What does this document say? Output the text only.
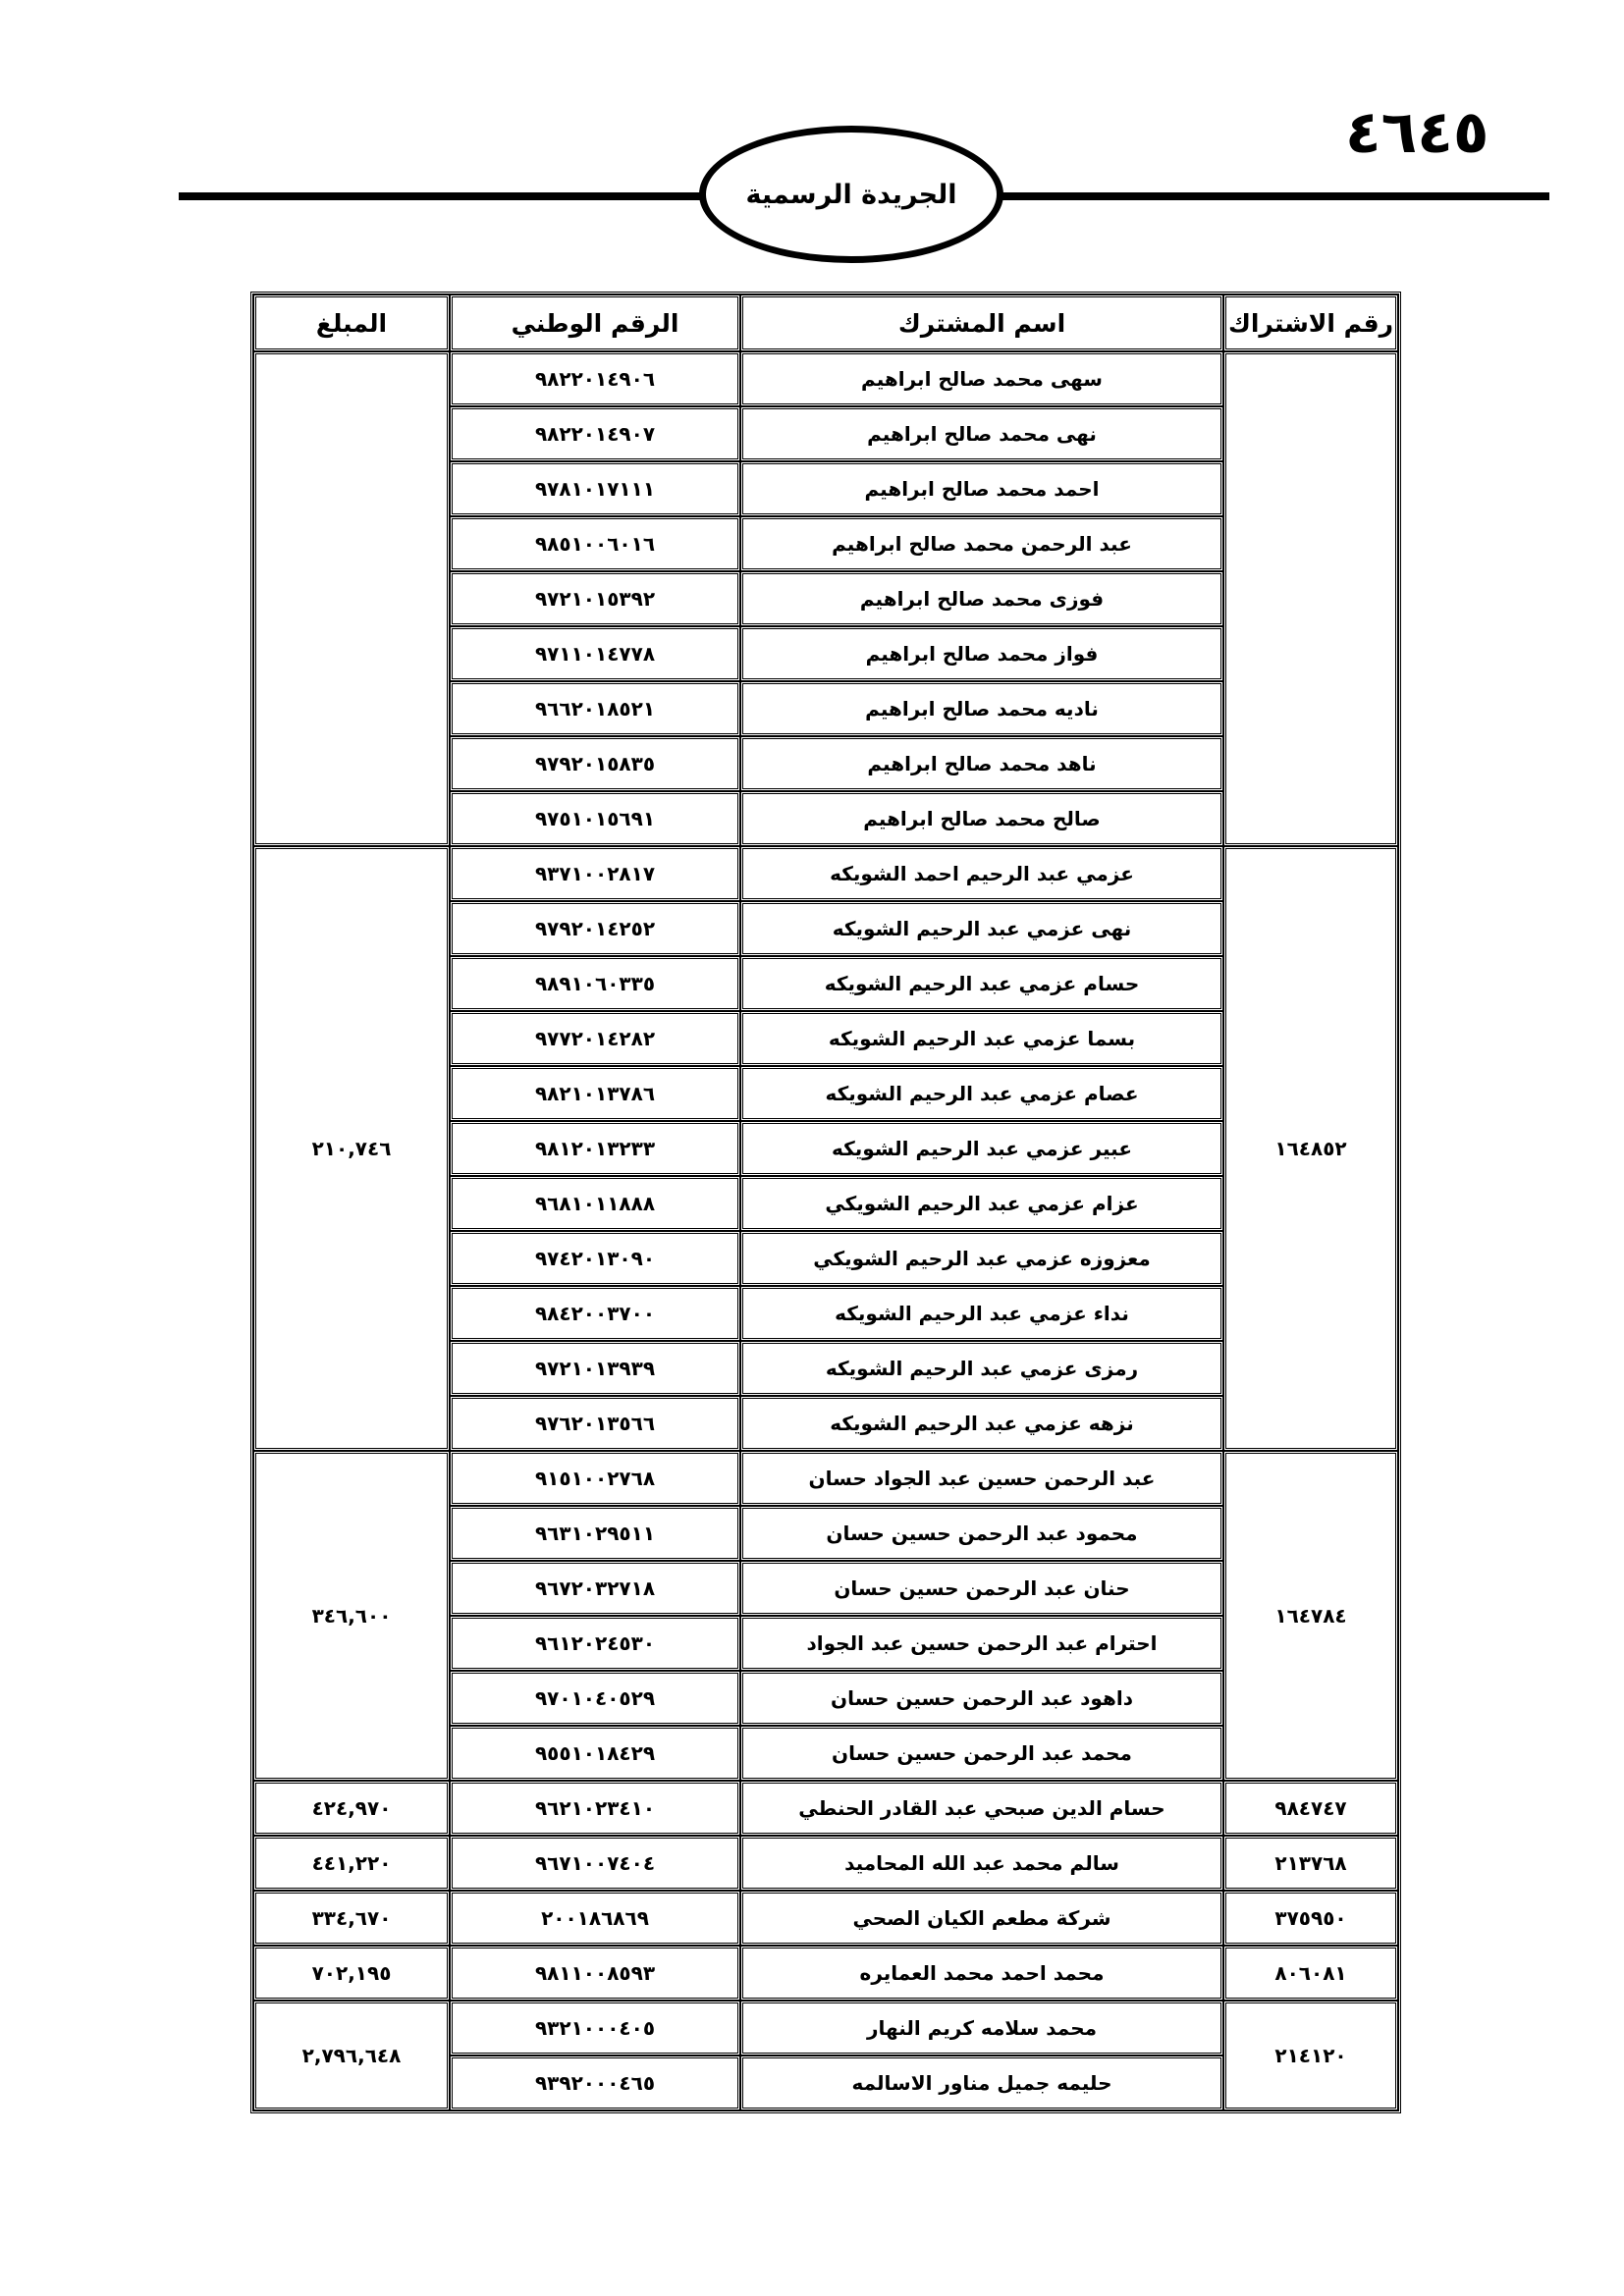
٤٦٤٥
الجريدة الرسمية
رقم الاشتراك	اسم المشترك	الرقم الوطني	المبلغ
	سهى محمد صالح ابراهيم	٩٨٢٢٠١٤٩٠٦	
	نهى محمد صالح ابراهيم	٩٨٢٢٠١٤٩٠٧	
	احمد محمد صالح ابراهيم	٩٧٨١٠١٧١١١	
	عبد الرحمن محمد صالح ابراهيم	٩٨٥١٠٠٦٠١٦	
	فوزى محمد صالح ابراهيم	٩٧٢١٠١٥٣٩٢	
	فواز محمد صالح ابراهيم	٩٧١١٠١٤٧٧٨	
	ناديه محمد صالح ابراهيم	٩٦٦٢٠١٨٥٢١	
	ناهد محمد صالح ابراهيم	٩٧٩٢٠١٥٨٣٥	
	صالح محمد صالح ابراهيم	٩٧٥١٠١٥٦٩١	
١٦٤٨٥٢	عزمي عبد الرحيم احمد الشويكه	٩٣٧١٠٠٢٨١٧	٢١٠,٧٤٦
	نهى عزمي عبد الرحيم الشويكه	٩٧٩٢٠١٤٢٥٢	
	حسام عزمي عبد الرحيم الشويكه	٩٨٩١٠٦٠٣٣٥	
	بسما عزمي عبد الرحيم الشويكه	٩٧٧٢٠١٤٢٨٢	
	عصام عزمي عبد الرحيم الشويكه	٩٨٢١٠١٣٧٨٦	
	عبير عزمي عبد الرحيم الشويكه	٩٨١٢٠١٣٢٣٣	
	عزام عزمي عبد الرحيم الشويكي	٩٦٨١٠١١٨٨٨	
	معزوزه عزمي عبد الرحيم الشويكي	٩٧٤٢٠١٣٠٩٠	
	نداء عزمي عبد الرحيم الشويكه	٩٨٤٢٠٠٣٧٠٠	
	رمزى عزمي عبد الرحيم الشويكه	٩٧٢١٠١٣٩٣٩	
	نزهه عزمي عبد الرحيم الشويكه	٩٧٦٢٠١٣٥٦٦	
١٦٤٧٨٤	عبد الرحمن حسين عبد الجواد حسان	٩١٥١٠٠٢٧٦٨	٣٤٦,٦٠٠
	محمود عبد الرحمن حسين حسان	٩٦٣١٠٢٩٥١١	
	حنان عبد الرحمن حسين حسان	٩٦٧٢٠٣٢٧١٨	
	احترام عبد الرحمن حسين عبد الجواد	٩٦١٢٠٢٤٥٣٠	
	داهود عبد الرحمن حسين حسان	٩٧٠١٠٤٠٥٢٩	
	محمد عبد الرحمن حسين حسان	٩٥٥١٠١٨٤٢٩	
٩٨٤٧٤٧	حسام الدين صبحي عبد القادر الحنطي	٩٦٢١٠٢٣٤١٠	٤٢٤,٩٧٠
٢١٣٧٦٨	سالم محمد عبد الله المحاميد	٩٦٧١٠٠٧٤٠٤	٤٤١,٢٢٠
٣٧٥٩٥٠	شركة مطعم الكيان الصحي	٢٠٠١٨٦٨٦٩	٣٣٤,٦٧٠
٨٠٦٠٨١	محمد احمد محمد العمايره	٩٨١١٠٠٨٥٩٣	٧٠٢,١٩٥
٢١٤١٢٠	محمد سلامه كريم النهار	٩٣٢١٠٠٠٤٠٥	٢,٧٩٦,٦٤٨
	حليمه جميل مناور الاسالمه	٩٣٩٢٠٠٠٤٦٥	
